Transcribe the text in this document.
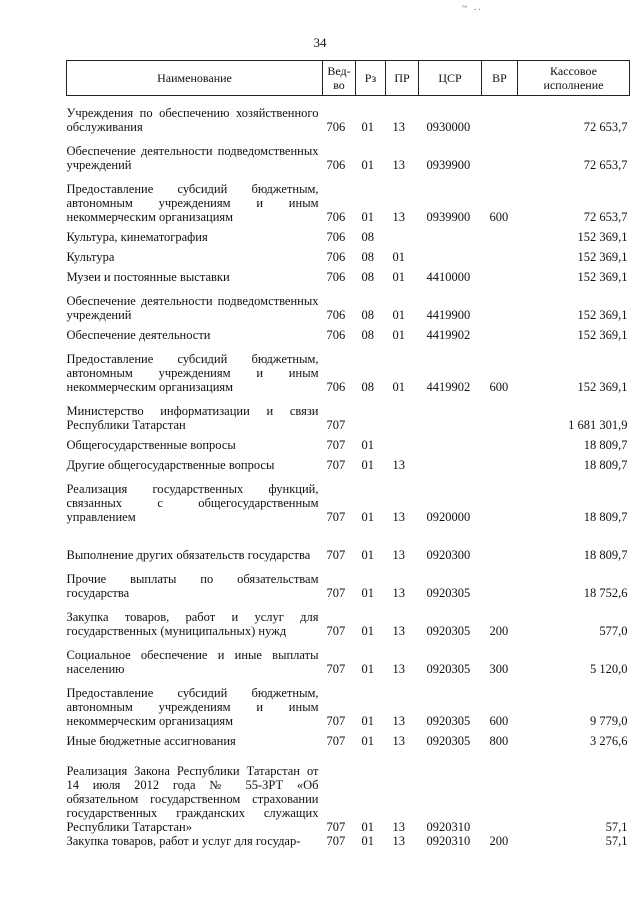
~ ..
34
Наименование	Вед-во	Рз	ПР	ЦСР	ВР	Кассовое исполнение
Учреждения по обеспечению хозяйственного обслуживания	706	01	13	0930000		72 653,7
Обеспечение деятельности подведомственных учреждений	706	01	13	0939900		72 653,7
Предоставление субсидий бюджетным, автономным учреждениям и иным некоммерческим организациям	706	01	13	0939900	600	72 653,7
Культура, кинематография	706	08				152 369,1
Культура	706	08	01			152 369,1
Музеи и постоянные выставки	706	08	01	4410000		152 369,1
Обеспечение деятельности подведомственных учреждений	706	08	01	4419900		152 369,1
Обеспечение деятельности	706	08	01	4419902		152 369,1
Предоставление субсидий бюджетным, автономным учреждениям и иным некоммерческим организациям	706	08	01	4419902	600	152 369,1
Министерство информатизации и связи Республики Татарстан	707					1 681 301,9
Общегосударственные вопросы	707	01				18 809,7
Другие общегосударственные вопросы	707	01	13			18 809,7
Реализация государственных функций, связанных с общегосударственным управлением	707	01	13	0920000		18 809,7
Выполнение других обязательств государства	707	01	13	0920300		18 809,7
Прочие выплаты по обязательствам государства	707	01	13	0920305		18 752,6
Закупка товаров, работ и услуг для государственных (муниципальных) нужд	707	01	13	0920305	200	577,0
Социальное обеспечение и иные выплаты населению	707	01	13	0920305	300	5 120,0
Предоставление субсидий бюджетным, автономным учреждениям и иным некоммерческим организациям	707	01	13	0920305	600	9 779,0
Иные бюджетные ассигнования	707	01	13	0920305	800	3 276,6
Реализация Закона Республики Татарстан от 14 июля 2012 года № 55-ЗРТ «Об обязательном государственном страховании государственных гражданских служащих Республики Татарстан»	707	01	13	0920310		57,1
Закупка товаров, работ и услуг для государ-	707	01	13	0920310	200	57,1
